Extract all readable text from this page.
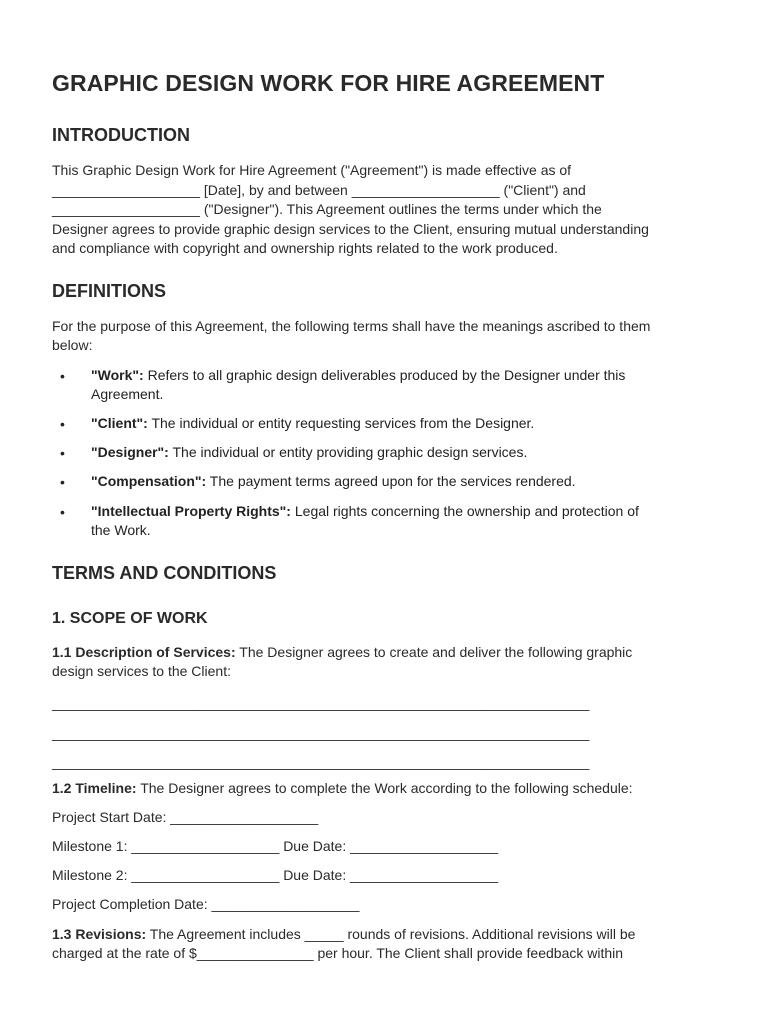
GRAPHIC DESIGN WORK FOR HIRE AGREEMENT
INTRODUCTION
This Graphic Design Work for Hire Agreement ("Agreement") is made effective as of
___________________ [Date], by and between ___________________ ("Client") and
___________________ ("Designer"). This Agreement outlines the terms under which the
Designer agrees to provide graphic design services to the Client, ensuring mutual understanding
and compliance with copyright and ownership rights related to the work produced.
DEFINITIONS
For the purpose of this Agreement, the following terms shall have the meanings ascribed to them
below:
• "Work": Refers to all graphic design deliverables produced by the Designer under this
Agreement.
• "Client": The individual or entity requesting services from the Designer.
• "Designer": The individual or entity providing graphic design services.
• "Compensation": The payment terms agreed upon for the services rendered.
• "Intellectual Property Rights": Legal rights concerning the ownership and protection of
the Work.
TERMS AND CONDITIONS
1. SCOPE OF WORK
1.1 Description of Services: The Designer agrees to create and deliver the following graphic
design services to the Client:
_____________________________________________________________________
_____________________________________________________________________
_____________________________________________________________________
1.2 Timeline: The Designer agrees to complete the Work according to the following schedule:
Project Start Date: ___________________
Milestone 1: ___________________ Due Date: ___________________
Milestone 2: ___________________ Due Date: ___________________
Project Completion Date: ___________________
1.3 Revisions: The Agreement includes _____ rounds of revisions. Additional revisions will be
charged at the rate of $_______________ per hour. The Client shall provide feedback within
